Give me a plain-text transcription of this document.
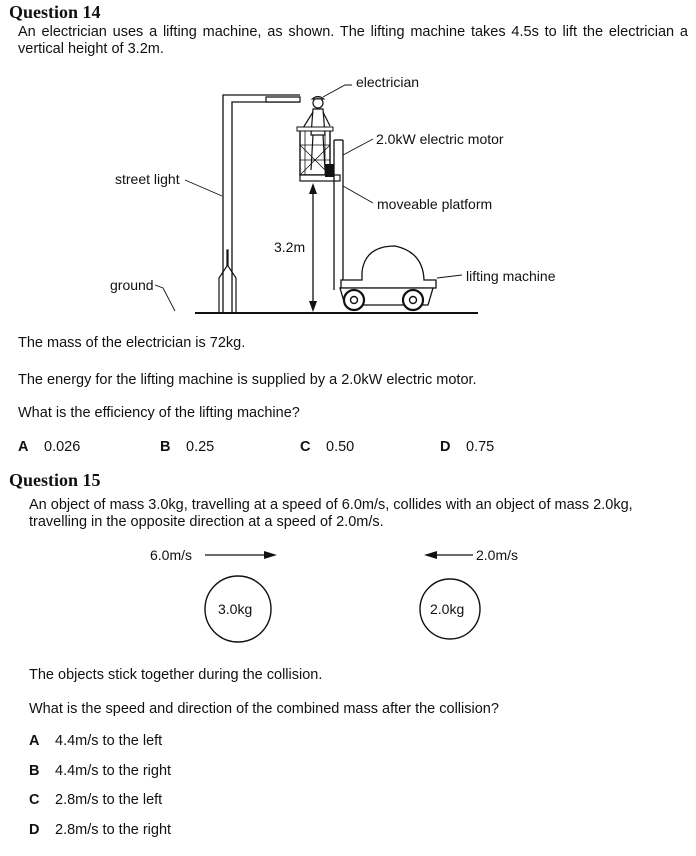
Question 14

An electrician uses a lifting machine, as shown. The lifting machine takes 4.5s to lift the electrician a vertical height of 3.2m.

electrician
2.0kW electric motor
street light
moveable platform
3.2m
ground
lifting machine

The mass of the electrician is 72kg.

The energy for the lifting machine is supplied by a 2.0kW electric motor.

What is the efficiency of the lifting machine?

A 0.026	B 0.25	C 0.50	D 0.75
Question 15

An object of mass 3.0kg, travelling at a speed of 6.0m/s, collides with an object of mass 2.0kg, travelling in the opposite direction at a speed of 2.0m/s.

6.0m/s	2.0m/s
3.0kg	2.0kg

The objects stick together during the collision.

What is the speed and direction of the combined mass after the collision?

A 4.4m/s to the left
B 4.4m/s to the right
C 2.8m/s to the left
D 2.8m/s to the right
